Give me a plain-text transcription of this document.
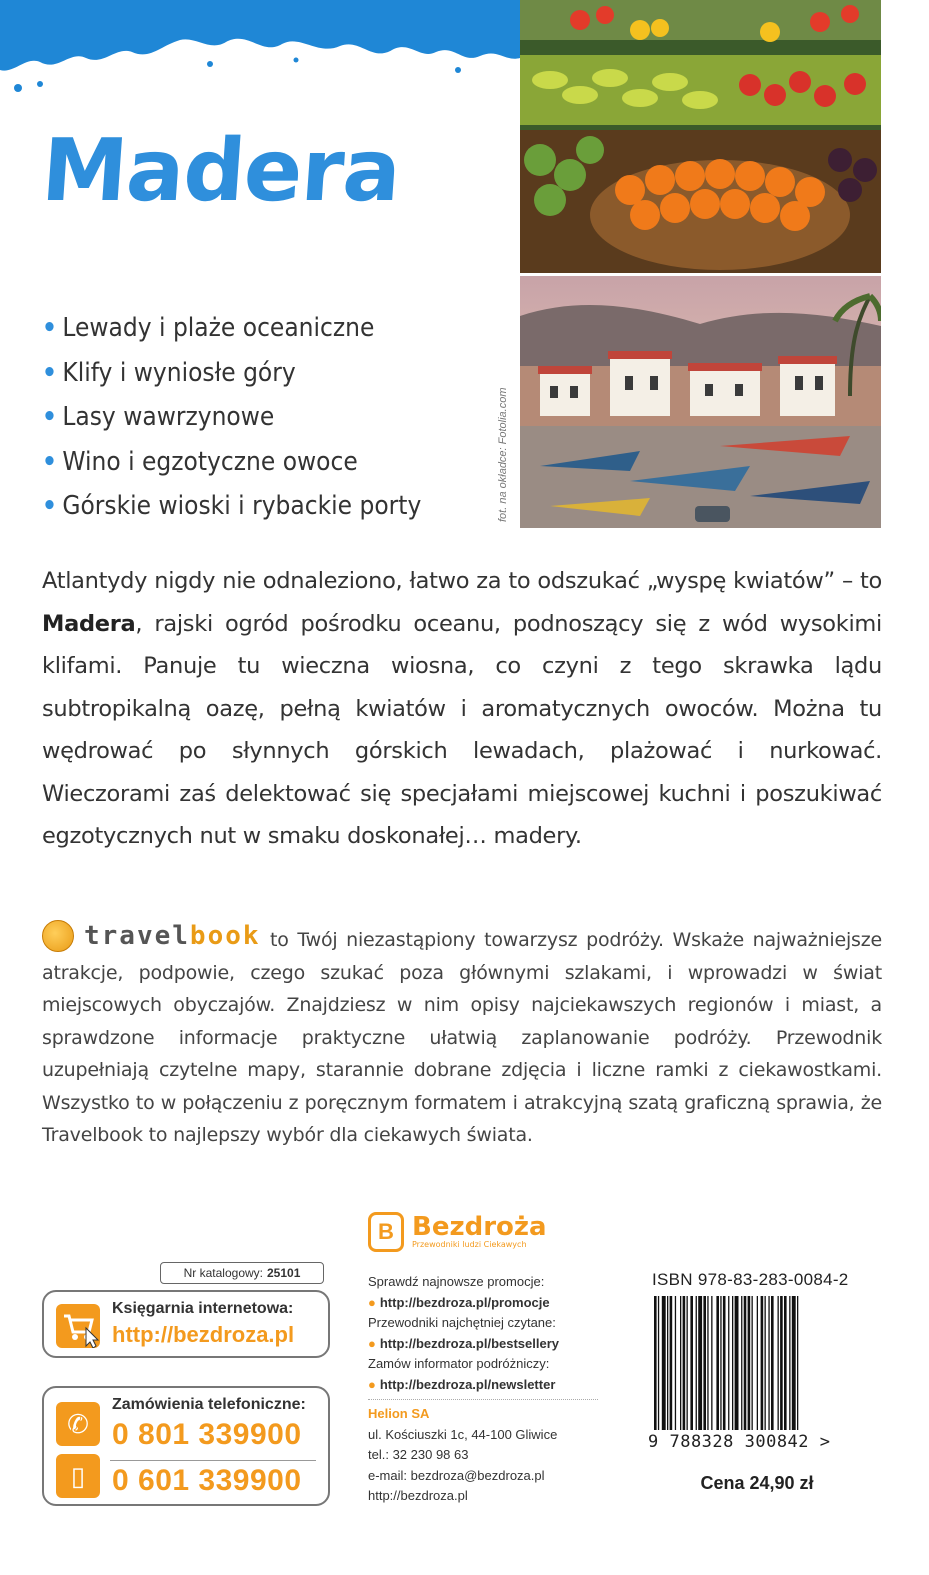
Madera
• Lewady i plaże oceaniczne
• Klify i wyniosłe góry
• Lasy wawrzynowe
• Wino i egzotyczne owoce
• Górskie wioski i rybackie porty	fot. na okładce: Fotolia.com

Atlantydy nigdy nie odnaleziono, łatwo za to odszukać „wyspę kwiatów” – to Madera, rajski ogród pośrodku oceanu, podnoszący się z wód wysokimi klifami. Panuje tu wieczna wiosna, co czyni z tego skrawka lądu subtropikalną oazę, pełną kwiatów i aromatycznych owoców. Można tu wędrować po słynnych górskich lewadach, plażować i nurkować. Wieczorami zaś delektować się specjałami miejscowej kuchni i poszukiwać egzotycznych nut w smaku doskonałej… madery.

travelbook to Twój niezastąpiony towarzysz podróży. Wskaże najważniejsze atrakcje, podpowie, czego szukać poza głównymi szlakami, i wprowadzi w świat miejscowych obyczajów. Znajdziesz w nim opisy najciekawszych regionów i miast, a sprawdzone informacje praktyczne ułatwią zaplanowanie podróży. Przewodnik uzupełniają czytelne mapy, starannie dobrane zdjęcia i liczne ramki z ciekawostkami. Wszystko to w połączeniu z poręcznym formatem i atrakcyjną szatą graficzną sprawia, że Travelbook to najlepszy wybór dla ciekawych świata.

B Bezdroża
Przewodniki ludzi Ciekawych
Nr katalogowy: 25101
Księgarnia internetowa:
http://bezdroza.pl
Zamówienia telefoniczne:
✆ 0 801 339900
▯ 0 601 339900
Sprawdź najnowsze promocje:
● http://bezdroza.pl/promocje
Przewodniki najchętniej czytane:
● http://bezdroza.pl/bestsellery
Zamów informator podróżniczy:
● http://bezdroza.pl/newsletter
Helion SA
ul. Kościuszki 1c, 44-100 Gliwice
tel.: 32 230 98 63
e-mail: bezdroza@bezdroza.pl
http://bezdroza.pl
ISBN 978-83-283-0084-2
9 788328 300842 >
Cena 24,90 zł
